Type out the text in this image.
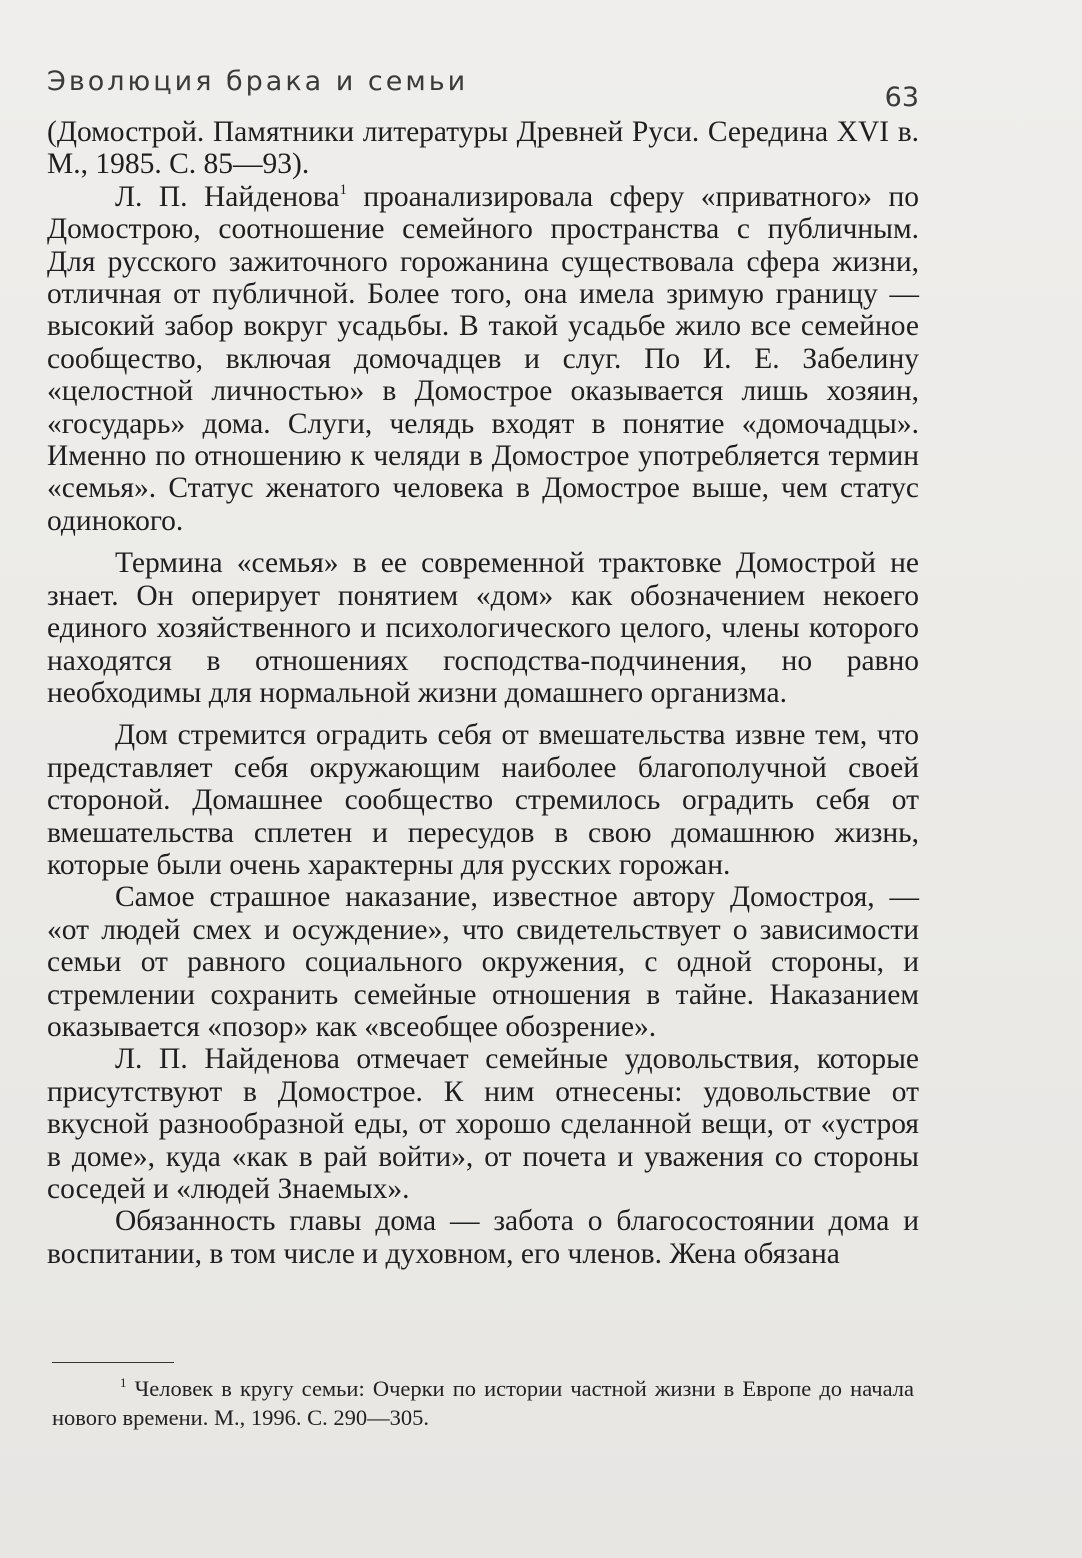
Эволюция брака и семьи
63

(Домострой. Памятники литературы Древней Руси. Середина XVI в. М., 1985. С. 85—93).

Л. П. Найденова$^1$ проанализировала сферу «приватного» по Домострою, соотношение семейного пространства с публичным. Для русского зажиточного горожанина существовала сфера жизни, отличная от публичной. Более того, она имела зримую границу — высокий забор вокруг усадьбы. В такой усадьбе жило все семейное сообщество, включая домочадцев и слуг. По И. Е. Забелину «целостной личностью» в Домострое оказывается лишь хозяин, «государь» дома. Слуги, челядь входят в понятие «домочадцы». Именно по отношению к челяди в Домострое употребляется термин «семья». Статус женатого человека в Домострое выше, чем статус одинокого.

Термина «семья» в ее современной трактовке Домострой не знает. Он оперирует понятием «дом» как обозначением некоего единого хозяйственного и психологического целого, члены которого находятся в отношениях господства-подчинения, но равно необходимы для нормальной жизни домашнего организма.

Дом стремится оградить себя от вмешательства извне тем, что представляет себя окружающим наиболее благополучной своей стороной. Домашнее сообщество стремилось оградить себя от вмешательства сплетен и пересудов в свою домашнюю жизнь, которые были очень характерны для русских горожан.

Самое страшное наказание, известное автору Домостроя, — «от людей смех и осуждение», что свидетельствует о зависимости семьи от равного социального окружения, с одной стороны, и стремлении сохранить семейные отношения в тайне. Наказанием оказывается «позор» как «всеобщее обозрение».

Л. П. Найденова отмечает семейные удовольствия, которые присутствуют в Домострое. К ним отнесены: удовольствие от вкусной разнообразной еды, от хорошо сделанной вещи, от «устроя в доме», куда «как в рай войти», от почета и уважения со стороны соседей и «людей Знаемых».

Обязанность главы дома — забота о благосостоянии дома и воспитании, в том числе и духовном, его членов. Жена обязана

$^1$ Человек в кругу семьи: Очерки по истории частной жизни в Европе до начала нового времени. М., 1996. С. 290—305.
